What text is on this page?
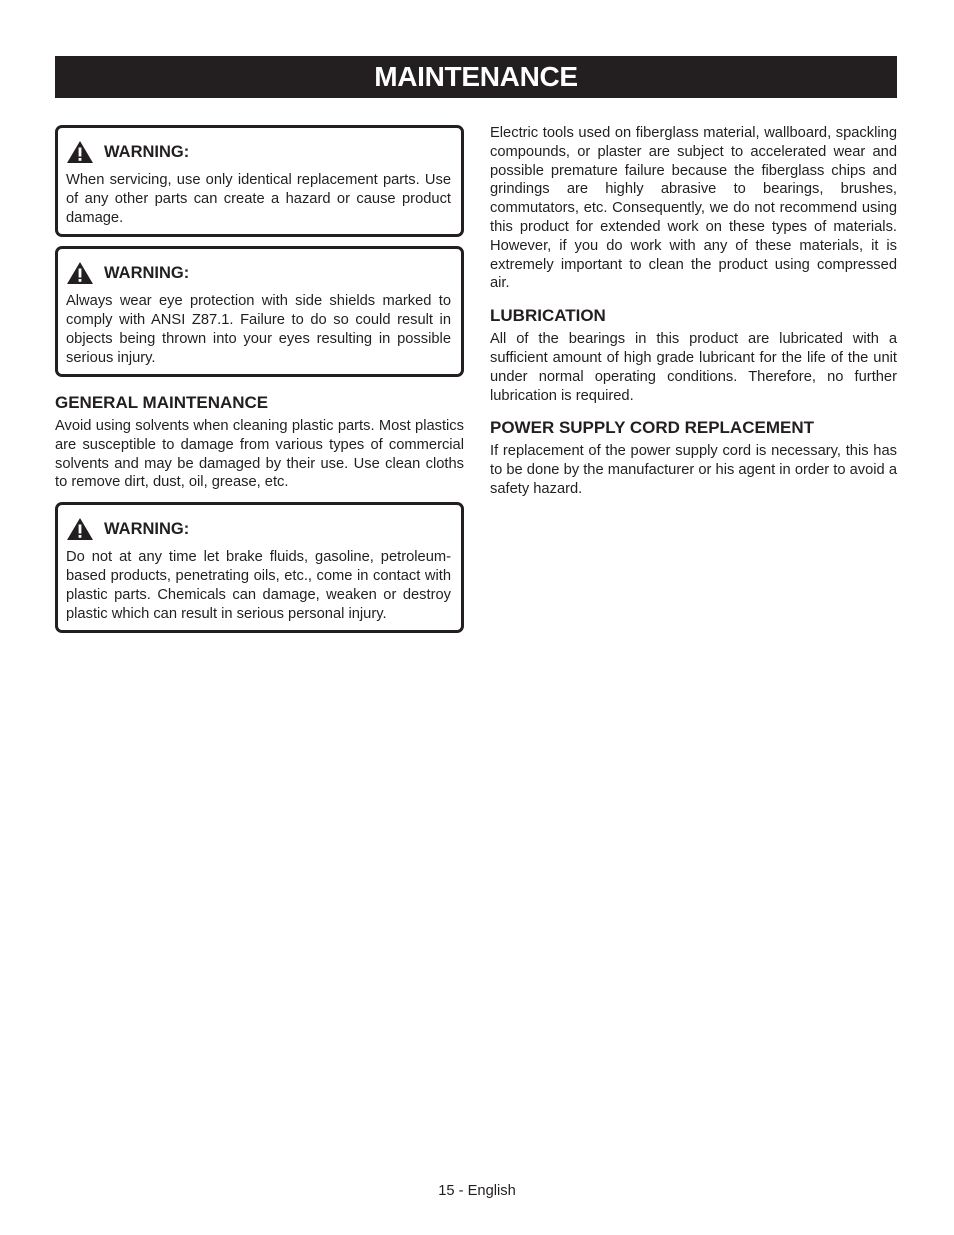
MAINTENANCE
WARNING:

When servicing, use only identical replacement parts. Use of any other parts can create a hazard or cause product damage.

WARNING:

Always wear eye protection with side shields marked to comply with ANSI Z87.1. Failure to do so could result in objects being thrown into your eyes resulting in possible serious injury.

GENERAL MAINTENANCE

Avoid using solvents when cleaning plastic parts. Most plastics are susceptible to damage from various types of commercial solvents and may be damaged by their use. Use clean cloths to remove dirt, dust, oil, grease, etc.

WARNING:

Do not at any time let brake fluids, gasoline, petroleum-based products, penetrating oils, etc., come in contact with plastic parts. Chemicals can damage, weaken or destroy plastic which can result in serious personal injury.

Electric tools used on fiberglass material, wallboard, spackling compounds, or plaster are subject to accelerated wear and possible premature failure because the fiberglass chips and grindings are highly abrasive to bearings, brushes, commutators, etc. Consequently, we do not recommend using this product for extended work on these types of materials. However, if you do work with any of these materials, it is extremely important to clean the product using compressed air.

LUBRICATION

All of the bearings in this product are lubricated with a sufficient amount of high grade lubricant for the life of the unit under normal operating conditions. Therefore, no further lubrication is required.

POWER SUPPLY CORD REPLACEMENT

If replacement of the power supply cord is necessary, this has to be done by the manufacturer or his agent in order to avoid a safety hazard.

15 - English
